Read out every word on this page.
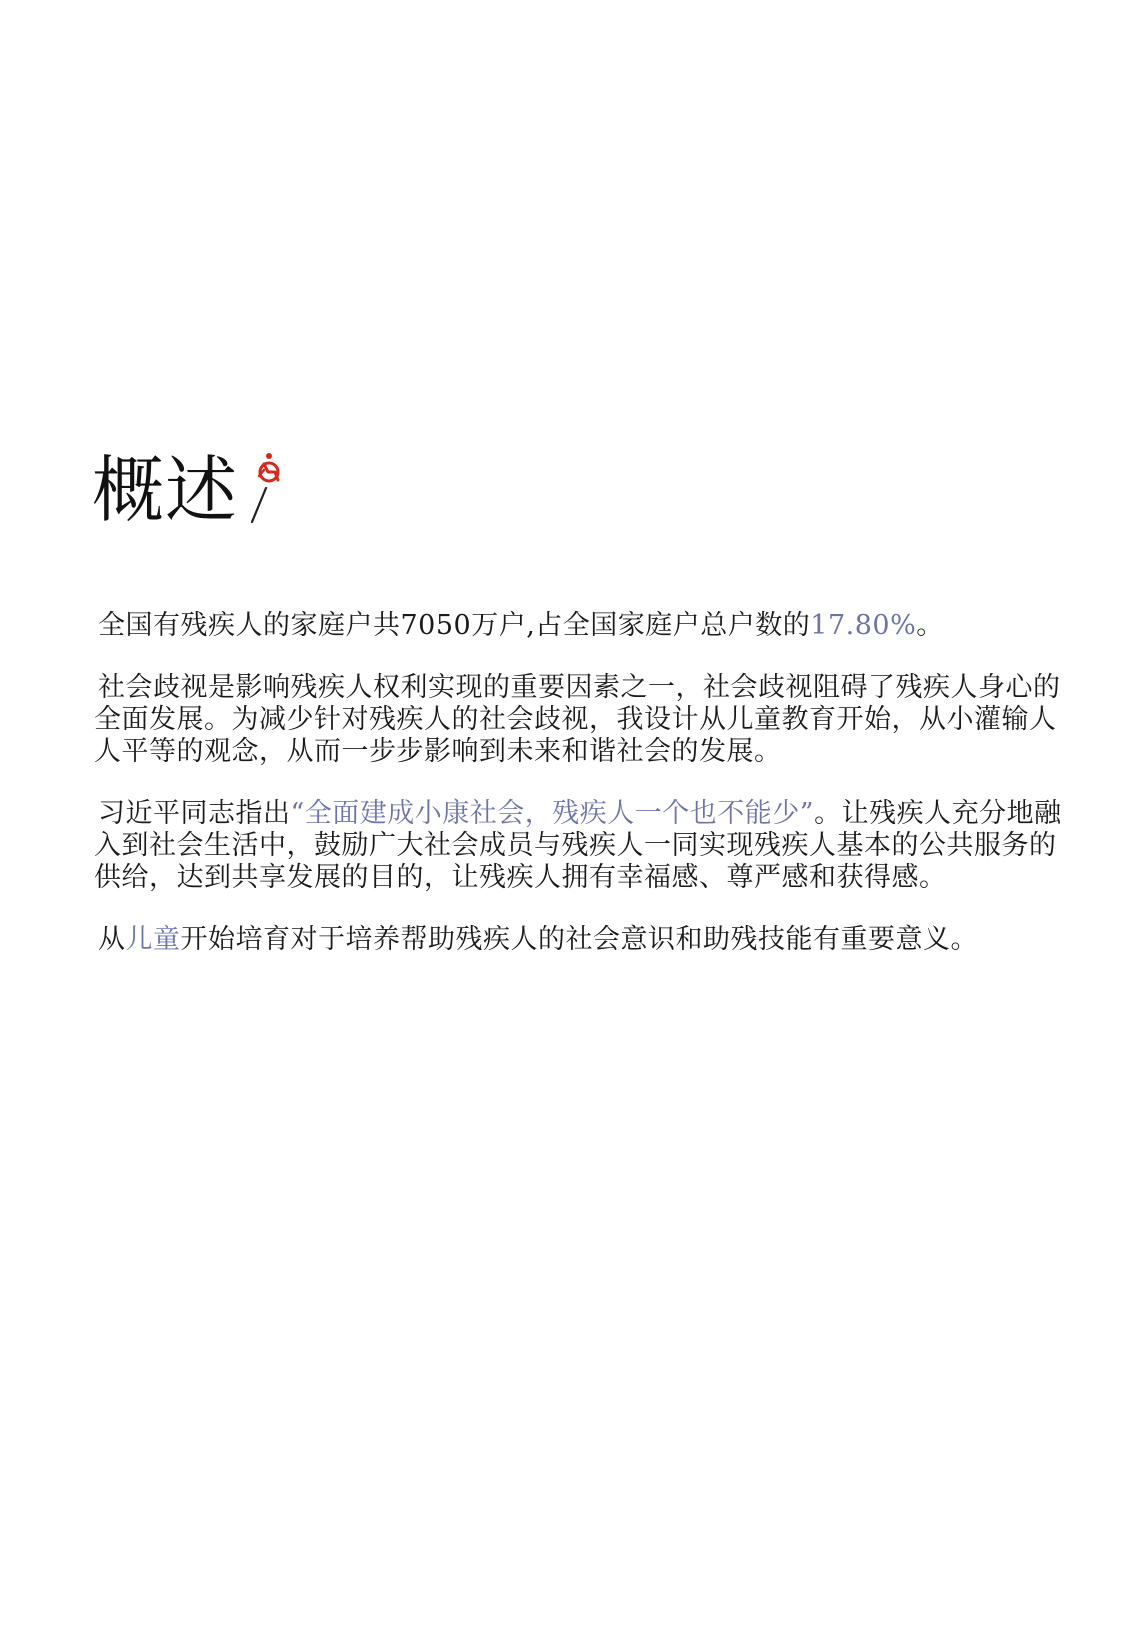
概述

全国有残疾人的家庭户共7050万户,占全国家庭户总户数的17.80%。

社会歧视是影响残疾人权利实现的重要因素之一，社会歧视阻碍了残疾人身心的全面发展。为减少针对残疾人的社会歧视，我设计从儿童教育开始，从小灌输人人平等的观念，从而一步步影响到未来和谐社会的发展。

习近平同志指出“全面建成小康社会，残疾人一个也不能少”。让残疾人充分地融入到社会生活中，鼓励广大社会成员与残疾人一同实现残疾人基本的公共服务的供给，达到共享发展的目的，让残疾人拥有幸福感、尊严感和获得感。

从儿童开始培育对于培养帮助残疾人的社会意识和助残技能有重要意义。
